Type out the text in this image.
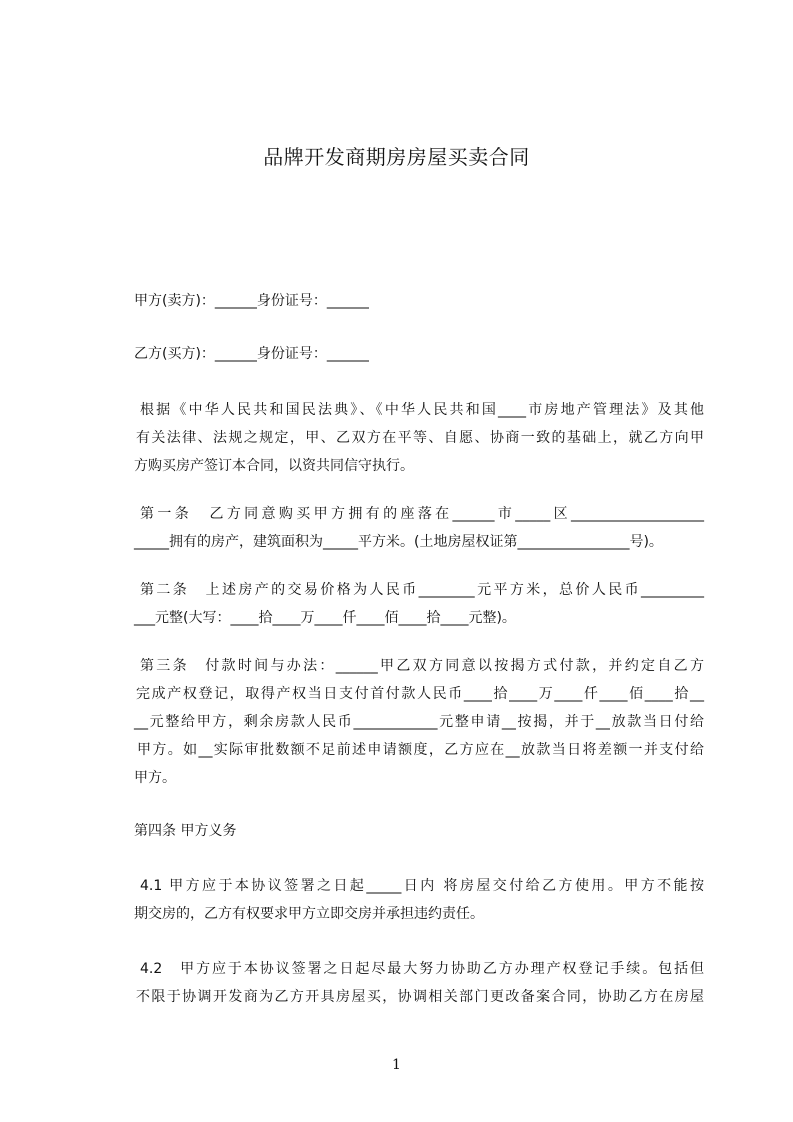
品牌开发商期房房屋买卖合同

甲方(卖方)：______身份证号：______

乙方(买方)：______身份证号：______

根据《中华人民共和国民法典》、《中华人民共和国____市房地产管理法》及其他
有关法律、法规之规定，甲、乙双方在平等、自愿、协商一致的基础上，就乙方向甲
方购买房产签订本合同，以资共同信守执行。
第一条　乙方同意购买甲方拥有的座落在______市_____区___________________
_____拥有的房产，建筑面积为_____平方米。(土地房屋权证第________________号)。
第二条　上述房产的交易价格为人民币________元平方米，总价人民币_________
___元整(大写：____拾____万____仟____佰____拾____元整)。
第三条　付款时间与办法：______甲乙双方同意以按揭方式付款，并约定自乙方
完成产权登记，取得产权当日支付首付款人民币____拾____万____仟____佰____拾__
__元整给甲方，剩余房款人民币____________元整申请__按揭，并于__放款当日付给
甲方。如__实际审批数额不足前述申请额度，乙方应在__放款当日将差额一并支付给
甲方。

第四条 甲方义务

4.1 甲方应于本协议签署之日起_____日内 将房屋交付给乙方使用。甲方不能按
期交房的，乙方有权要求甲方立即交房并承担违约责任。
4.2　甲方应于本协议签署之日起尽最大努力协助乙方办理产权登记手续。包括但
不限于协调开发商为乙方开具房屋买，协调相关部门更改备案合同，协助乙方在房屋
1
